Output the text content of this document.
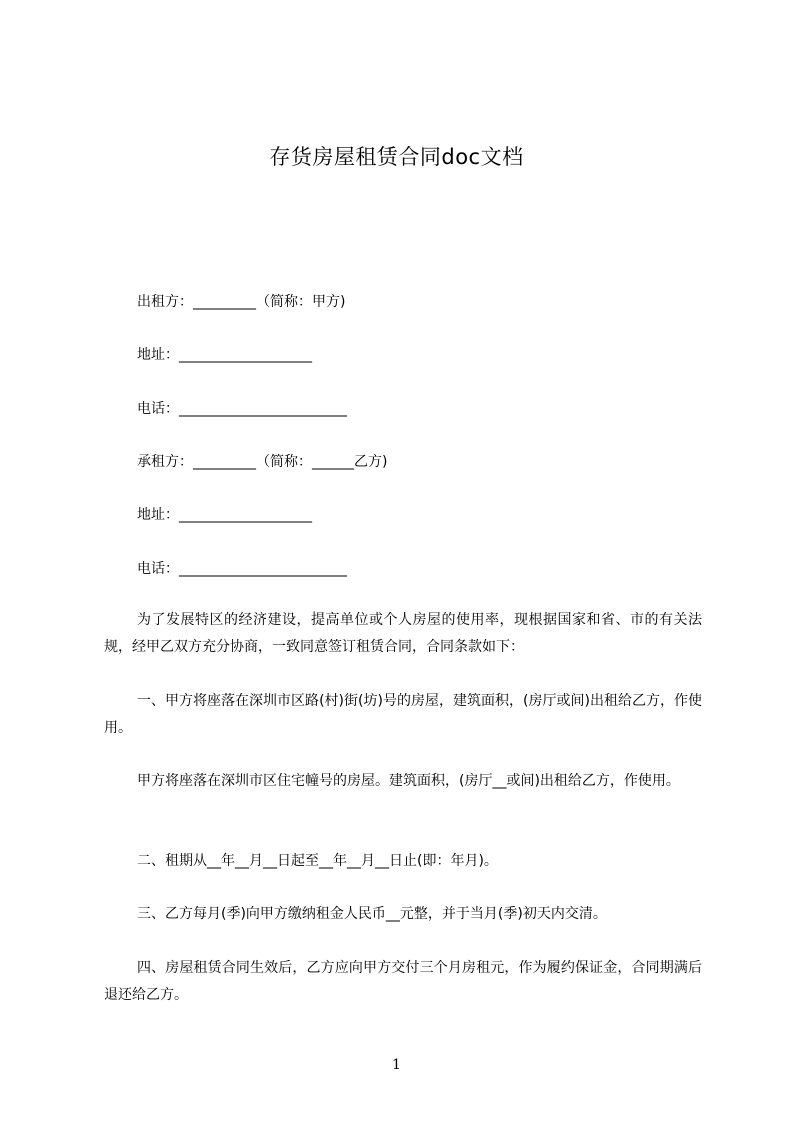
存货房屋租赁合同doc文档
出租方：_________（简称：甲方)
地址：___________________
电话：________________________
承租方：_________（简称：______乙方)
地址：___________________
电话：________________________
为了发展特区的经济建设，提高单位或个人房屋的使用率，现根据国家和省、市的有关法规，经甲乙双方充分协商，一致同意签订租赁合同，合同条款如下：
一、甲方将座落在深圳市区路(村)街(坊)号的房屋，建筑面积，(房厅或间)出租给乙方，作使用。
甲方将座落在深圳市区住宅幢号的房屋。建筑面积，(房厅__或间)出租给乙方，作使用。
二、租期从__年__月__日起至__年__月__日止(即：年月)。
三、乙方每月(季)向甲方缴纳租金人民币__元整，并于当月(季)初天内交清。
四、房屋租赁合同生效后，乙方应向甲方交付三个月房租元，作为履约保证金，合同期满后退还给乙方。
1
